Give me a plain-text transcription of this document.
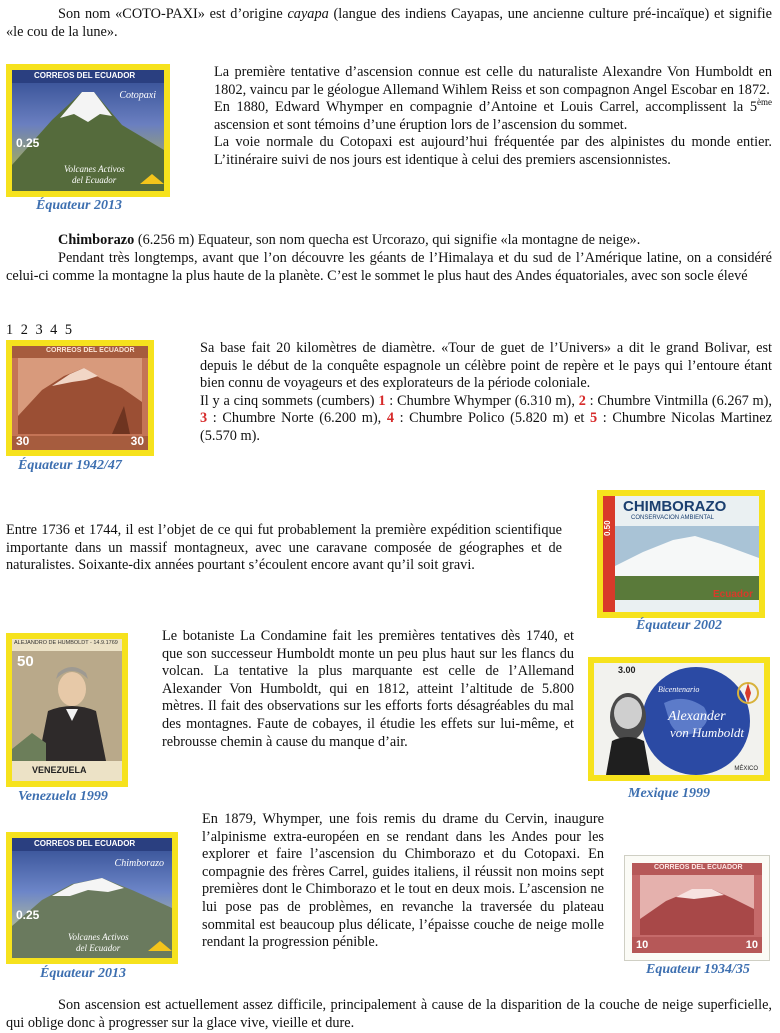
Son nom «COTO-PAXI» est d’origine cayapa (langue des indiens Cayapas, une ancienne culture pré-incaïque) et signifie «le cou de la lune».

CORREOS DEL ECUADOR
Cotopaxi
0.25
Volcanes Activos
del Ecuador

Équateur 2013

La première tentative d’ascension connue est celle du naturaliste Alexandre Von Humboldt en 1802, vaincu par le géologue Allemand Wihlem Reiss et son compagnon Angel Escobar en 1872.

En 1880, Edward Whymper en compagnie d’Antoine et Louis Carrel, accomplissent la 5ème ascension et sont témoins d’une éruption lors de l’ascension du sommet.

La voie normale du Cotopaxi est aujourd’hui fréquentée par des alpinistes du monde entier. L’itinéraire suivi de nos jours est identique à celui des premiers ascensionnistes.

Chimborazo (6.256 m) Equateur, son nom quecha est Urcorazo, qui signifie «la montagne de neige».

Pendant très longtemps, avant que l’on découvre les géants de l’Himalaya et du sud de l’Amérique latine, on a considéré celui-ci comme la montagne la plus haute de la planète. C’est le sommet le plus haut des Andes équatoriales, avec son socle élevé

1 2 3 4 5
CORREOS DEL ECUADOR
30	30

Équateur 1942/47

Sa base fait 20 kilomètres de diamètre. «Tour de guet de l’Univers» a dit le grand Bolivar, est depuis le début de la conquête espagnole un célèbre point de repère et le pays qui l’entoure étant bien connu de voyageurs et des explorateurs de la période coloniale.

Il y a cinq sommets (cumbers) 1 : Chumbre Whymper (6.310 m), 2 : Chumbre Vintmilla (6.267 m), 3 : Chumbre Norte (6.200 m), 4 : Chumbre Polico (5.820 m) et 5 : Chumbre Nicolas Martinez (5.570 m).

CHIMBORAZO
CONSERVACION AMBIENTAL
0.50
Ecuador

Équateur 2002

Entre 1736 et 1744, il est l’objet de ce qui fut probablement la première expédition scientifique importante dans un massif montagneux, avec une caravane composée de géographes et de naturalistes. Soixante-dix années pourtant s’écoulent encore avant qu’il soit gravi.

ALEJANDRO DE HUMBOLDT - 14.9.1769
50
VENEZUELA

Venezuela 1999

Le botaniste La Condamine fait les premières tentatives dès 1740, et que son successeur Humboldt monte un peu plus haut sur les flancs du volcan. La tentative la plus marquante est celle de l’Allemand Alexander Von Humboldt, qui en 1812, atteint l’altitude de 5.800 mètres. Il fait des observations sur les efforts forts désagréables du mal des montagnes. Faute de cobayes, il étudie les effets sur lui-même, et rebrousse chemin à cause du manque d’air.

3.00
Bicentenario
Alexander
von Humboldt
MÉXICO

Mexique 1999

CORREOS DEL ECUADOR
Chimborazo
0.25
Volcanes Activos
del Ecuador

Équateur 2013

En 1879, Whymper, une fois remis du drame du Cervin, inaugure l’alpinisme extra-européen en se rendant dans les Andes pour les explorer et faire l’ascension du Chimborazo et du Cotopaxi. En compagnie des frères Carrel, guides italiens, il réussit non moins sept premières dont le Chimborazo et le tout en deux mois. L’ascension ne lui pose pas de problèmes, en revanche la traversée du plateau sommital est beaucoup plus délicate, l’épaisse couche de neige molle rendant la progression pénible.

CORREOS DEL ECUADOR
10	10

Equateur 1934/35

Son ascension est actuellement assez difficile, principalement à cause de la disparition de la couche de neige superficielle, qui oblige donc à progresser sur la glace vive, vieille et dure.
